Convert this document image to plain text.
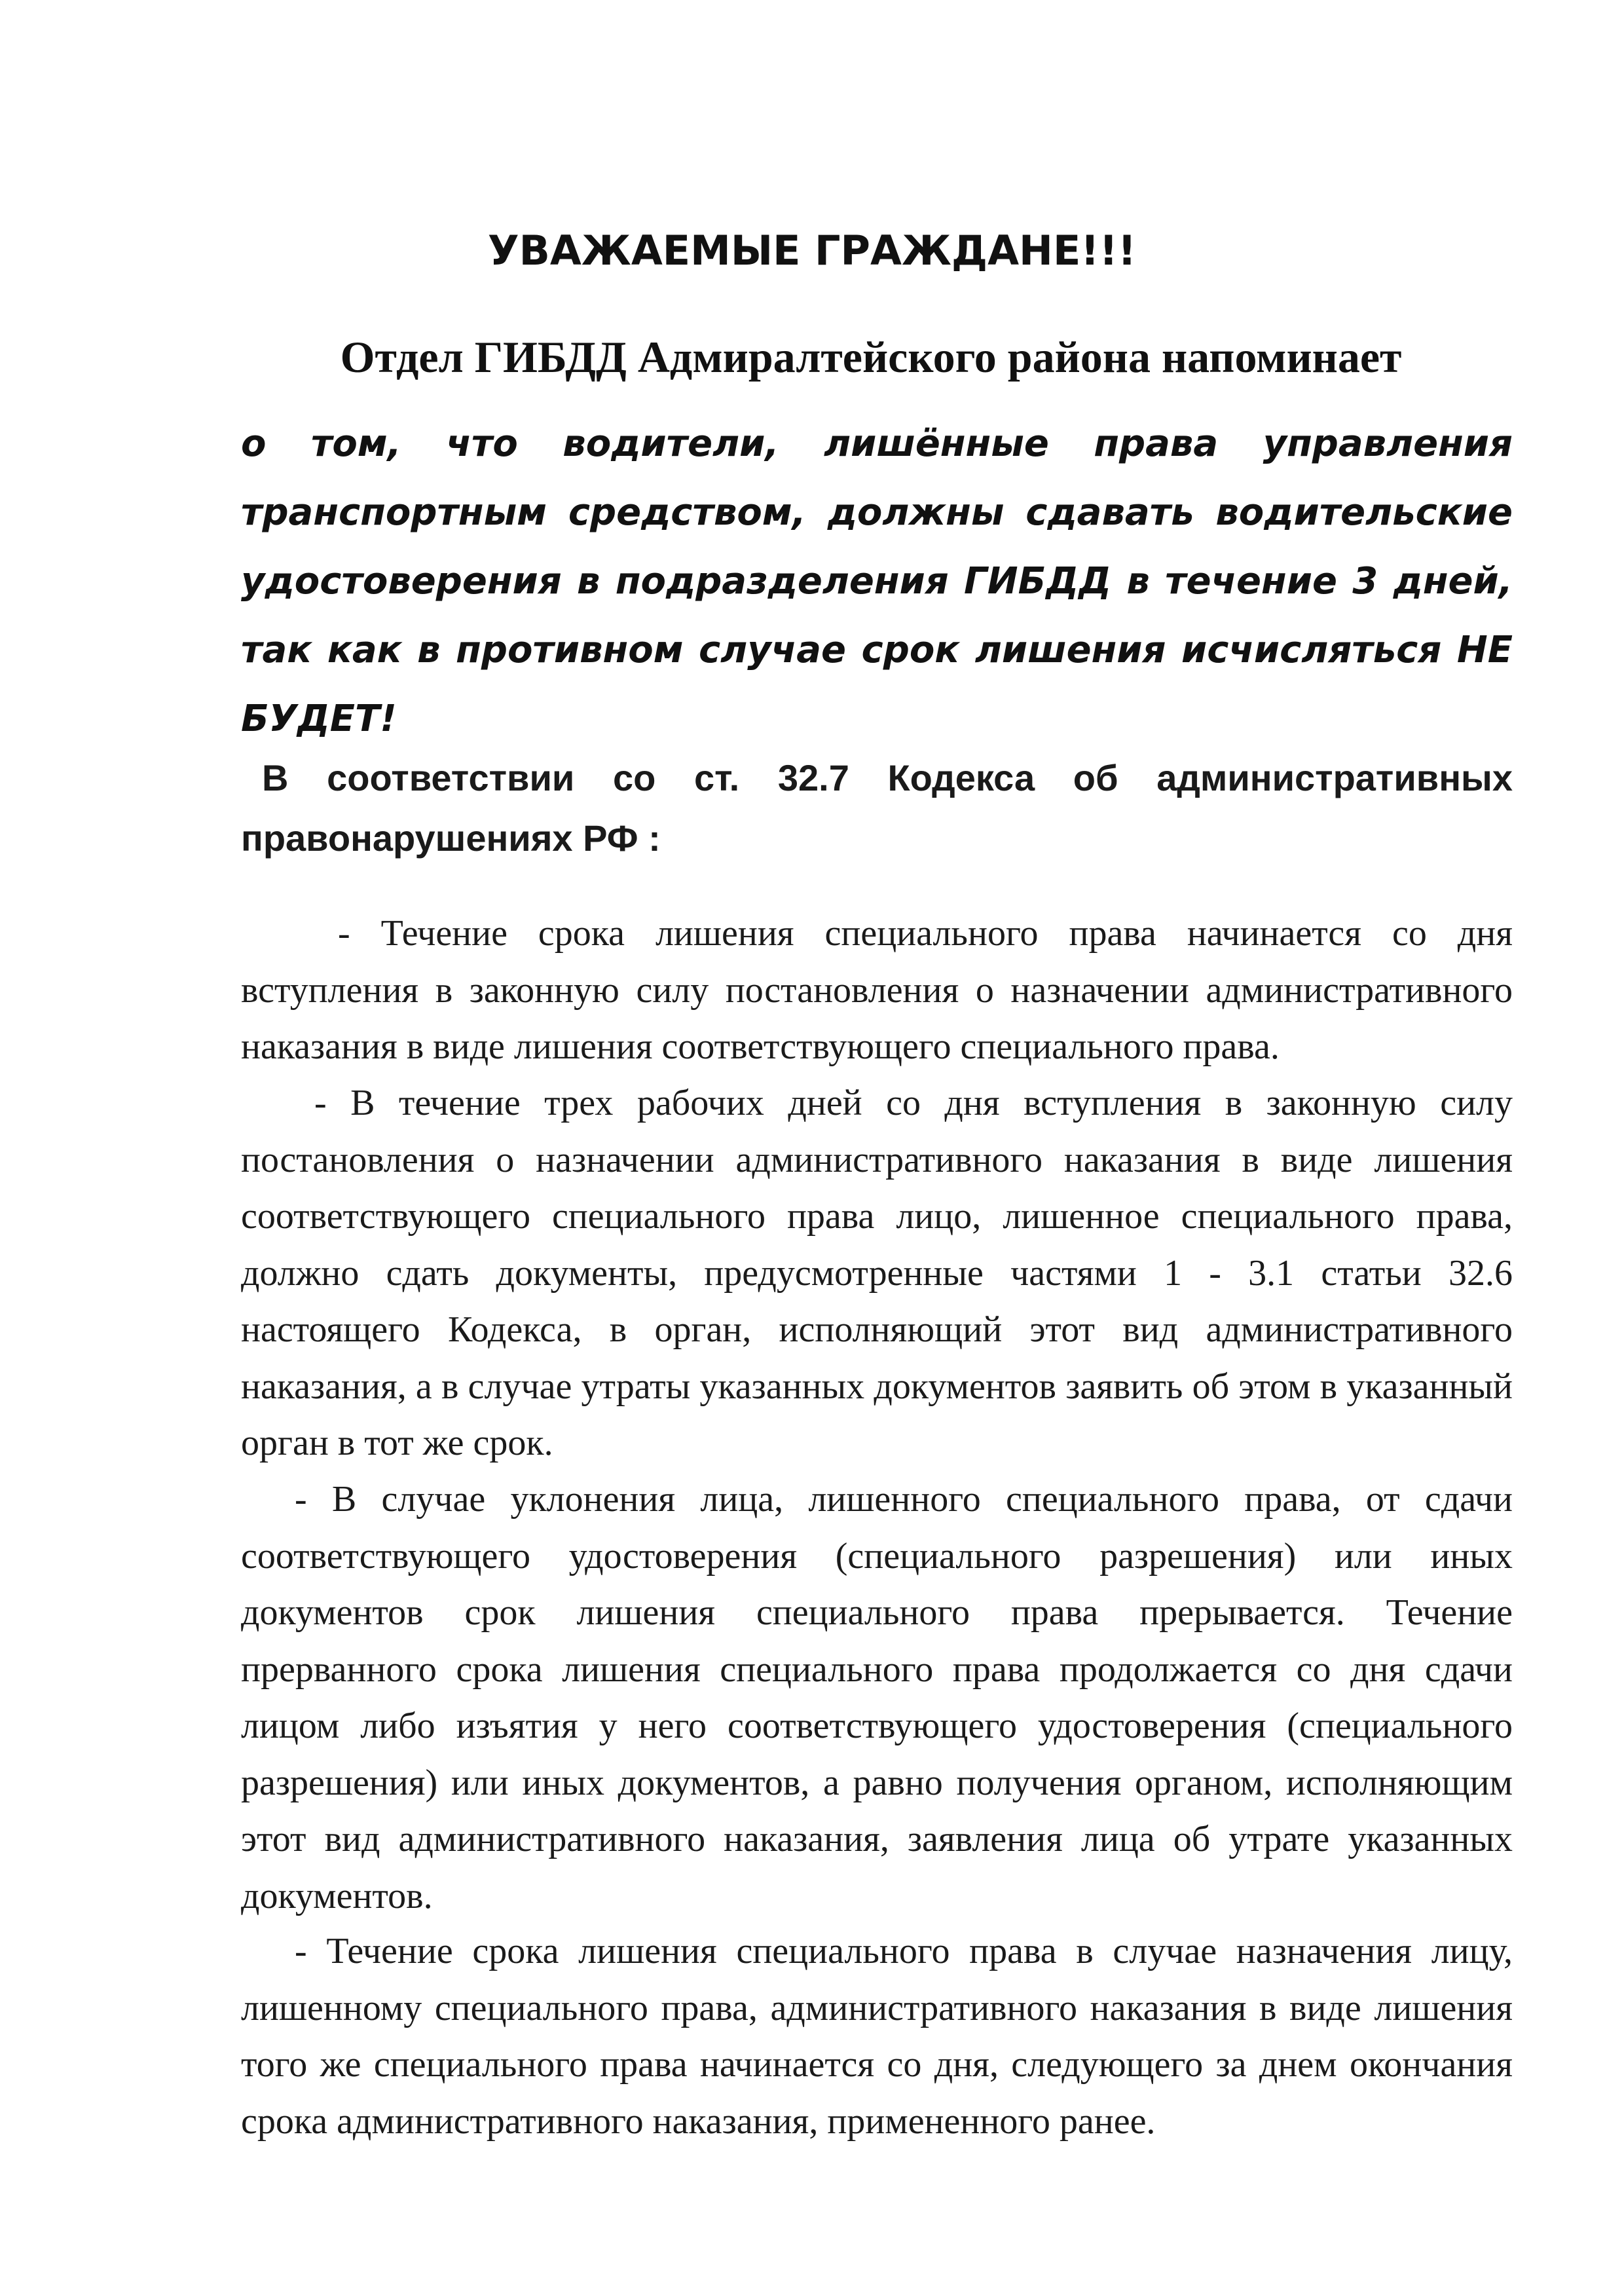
УВАЖАЕМЫЕ ГРАЖДАНЕ!!!
Отдел ГИБДД Адмиралтейского района напоминает

о том, что водители, лишённые права управления транспортным средством, должны сдавать водительские удостоверения в подразделения ГИБДД в течение 3 дней, так как в противном случае срок лишения исчисляться НЕ БУДЕТ!

В соответствии со ст. 32.7 Кодекса об административных
правонарушениях РФ :

- Течение срока лишения специального права начинается со дня вступления в законную силу постановления о назначении административного наказания в виде лишения соответствующего специального права.

- В течение трех рабочих дней со дня вступления в законную силу постановления о назначении административного наказания в виде лишения соответствующего специального права лицо, лишенное специального права, должно сдать документы, предусмотренные частями 1 - 3.1 статьи 32.6 настоящего Кодекса, в орган, исполняющий этот вид административного наказания, а в случае утраты указанных документов заявить об этом в указанный орган в тот же срок.

- В случае уклонения лица, лишенного специального права, от сдачи соответствующего удостоверения (специального разрешения) или иных документов срок лишения специального права прерывается. Течение прерванного срока лишения специального права продолжается со дня сдачи лицом либо изъятия у него соответствующего удостоверения (специального разрешения) или иных документов, а равно получения органом, исполняющим этот вид административного наказания, заявления лица об утрате указанных документов.

- Течение срока лишения специального права в случае назначения лицу, лишенному специального права, административного наказания в виде лишения того же специального права начинается со дня, следующего за днем окончания срока административного наказания, примененного ранее.
